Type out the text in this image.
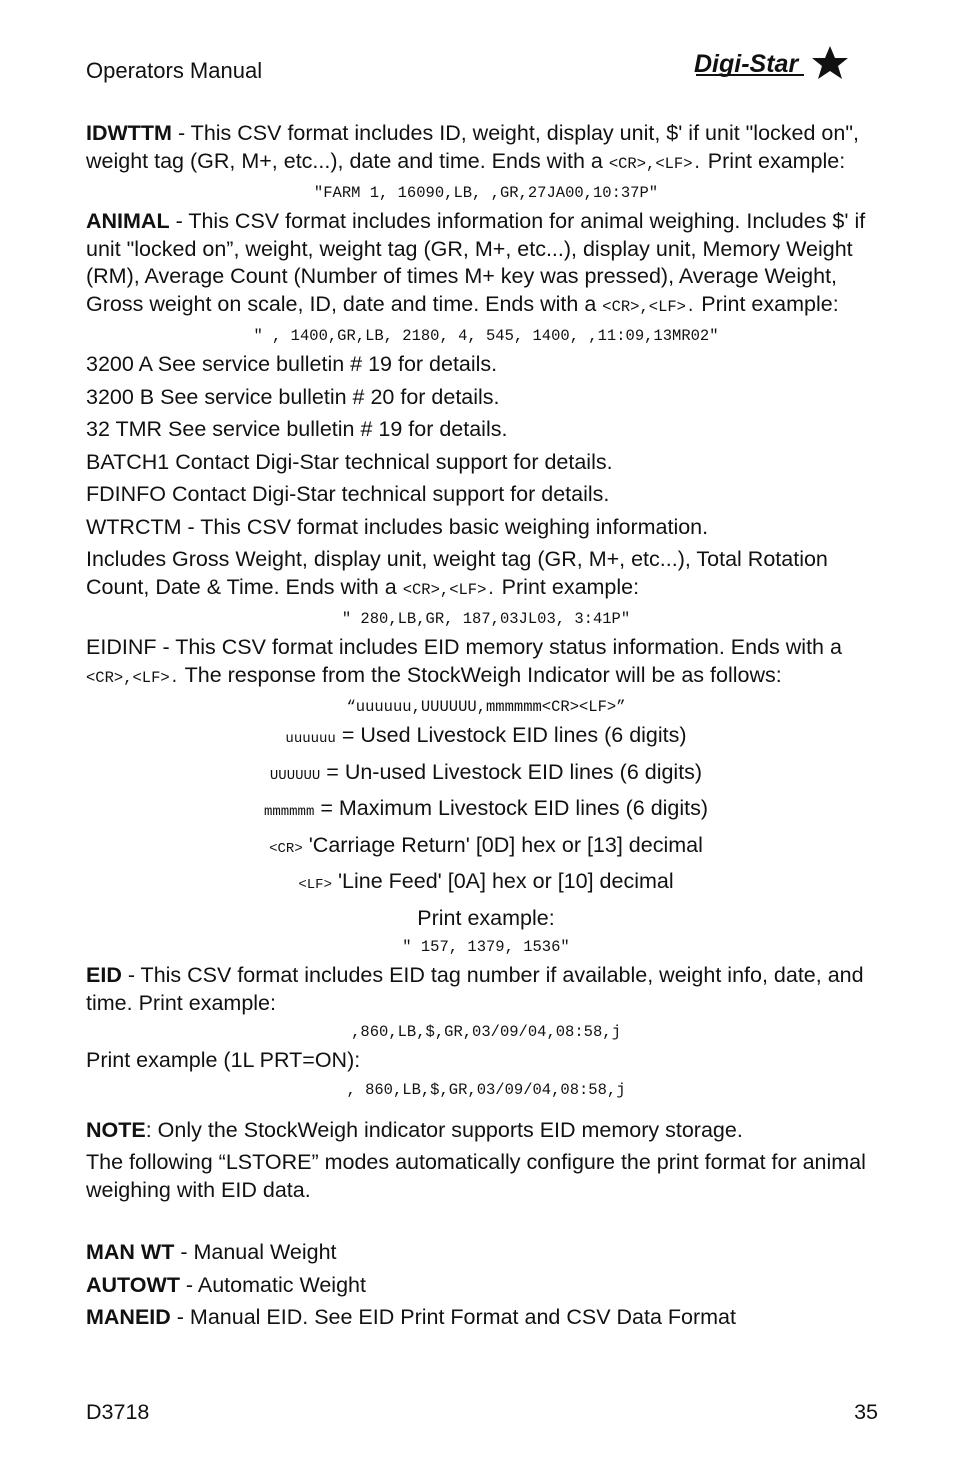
Operators Manual	Digi-Star

IDWTTM - This CSV format includes ID, weight, display unit, $' if unit "locked on", weight tag (GR, M+, etc...), date and time. Ends with a <CR>,<LF>. Print example:

"FARM 1, 16090,LB, ,GR,27JA00,10:37P"

ANIMAL - This CSV format includes information for animal weighing. Includes $' if unit "locked on”, weight, weight tag (GR, M+, etc...), display unit, Memory Weight (RM), Average Count (Number of times M+ key was pressed), Average Weight, Gross weight on scale, ID, date and time. Ends with a <CR>,<LF>. Print example:

" , 1400,GR,LB, 2180, 4, 545, 1400, ,11:09,13MR02"

3200 A See service bulletin # 19 for details.

3200 B See service bulletin # 20 for details.

32 TMR See service bulletin # 19 for details.

BATCH1 Contact Digi-Star technical support for details.

FDINFO Contact Digi-Star technical support for details.

WTRCTM - This CSV format includes basic weighing information.

Includes Gross Weight, display unit, weight tag (GR, M+, etc...), Total Rotation Count, Date & Time. Ends with a <CR>,<LF>. Print example:

" 280,LB,GR, 187,03JL03, 3:41P"

EIDINF - This CSV format includes EID memory status information. Ends with a <CR>,<LF>. The response from the StockWeigh Indicator will be as follows:

“uuuuuu,UUUUUU,mmmmmm<CR><LF>”
uuuuuu = Used Livestock EID lines (6 digits)
UUUUUU = Un-used Livestock EID lines (6 digits)
mmmmmm = Maximum Livestock EID lines (6 digits)
<CR> 'Carriage Return' [0D] hex or [13] decimal
<LF> 'Line Feed' [0A] hex or [10] decimal
Print example:
" 157, 1379, 1536"

EID - This CSV format includes EID tag number if available, weight info, date, and time. Print example:

,860,LB,$,GR,03/09/04,08:58,j

Print example (1L PRT=ON):

, 860,LB,$,GR,03/09/04,08:58,j

NOTE: Only the StockWeigh indicator supports EID memory storage.

The following “LSTORE” modes automatically configure the print format for animal weighing with EID data.

MAN WT - Manual Weight

AUTOWT - Automatic Weight

MANEID - Manual EID. See EID Print Format and CSV Data Format

D3718	35
